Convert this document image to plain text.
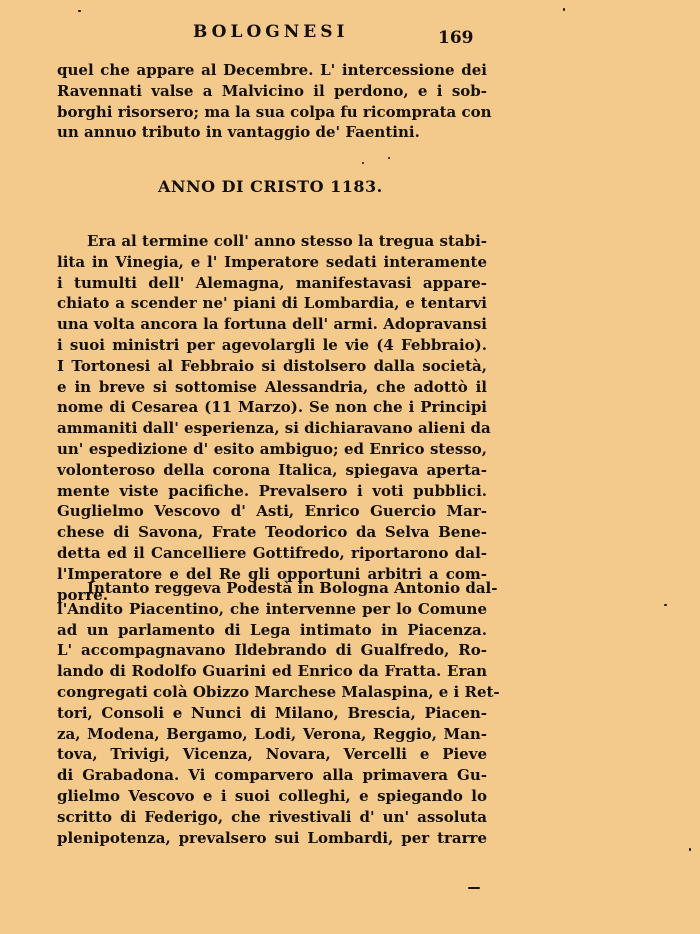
BOLOGNESI	169
quel che appare al Decembre. L' intercessione dei
Ravennati valse a Malvicino il perdono, e i sob-
borghi risorsero; ma la sua colpa fu ricomprata con
un annuo tributo in vantaggio de' Faentini.
ANNO DI CRISTO 1183.
Era al termine coll' anno stesso la tregua stabi-
lita in Vinegia, e l' Imperatore sedati interamente
i tumulti dell' Alemagna, manifestavasi appare-
chiato a scender ne' piani di Lombardia, e tentarvi
una volta ancora la fortuna dell' armi. Adopravansi
i suoi ministri per agevolargli le vie (4 Febbraio).
I Tortonesi al Febbraio si distolsero dalla società,
e in breve si sottomise Alessandria, che adottò il
nome di Cesarea (11 Marzo). Se non che i Principi
ammaniti dall' esperienza, si dichiaravano alieni da
un' espedizione d' esito ambiguo; ed Enrico stesso,
volonteroso della corona Italica, spiegava aperta-
mente viste pacifiche. Prevalsero i voti pubblici.
Guglielmo Vescovo d' Asti, Enrico Guercio Mar-
chese di Savona, Frate Teodorico da Selva Bene-
detta ed il Cancelliere Gottifredo, riportarono dal-
l'Imperatore e del Re gli opportuni arbitri a com-
porre.
Intanto reggeva Podestà in Bologna Antonio dal-
l'Andito Piacentino, che intervenne per lo Comune
ad un parlamento di Lega intimato in Piacenza.
L' accompagnavano Ildebrando di Gualfredo, Ro-
lando di Rodolfo Guarini ed Enrico da Fratta. Eran
congregati colà Obizzo Marchese Malaspina, e i Ret-
tori, Consoli e Nunci di Milano, Brescia, Piacen-
za, Modena, Bergamo, Lodi, Verona, Reggio, Man-
tova, Trivigi, Vicenza, Novara, Vercelli e Pieve
di Grabadona. Vi comparvero alla primavera Gu-
glielmo Vescovo e i suoi colleghi, e spiegando lo
scritto di Federigo, che rivestivali d' un' assoluta
plenipotenza, prevalsero sui Lombardi, per trarre
